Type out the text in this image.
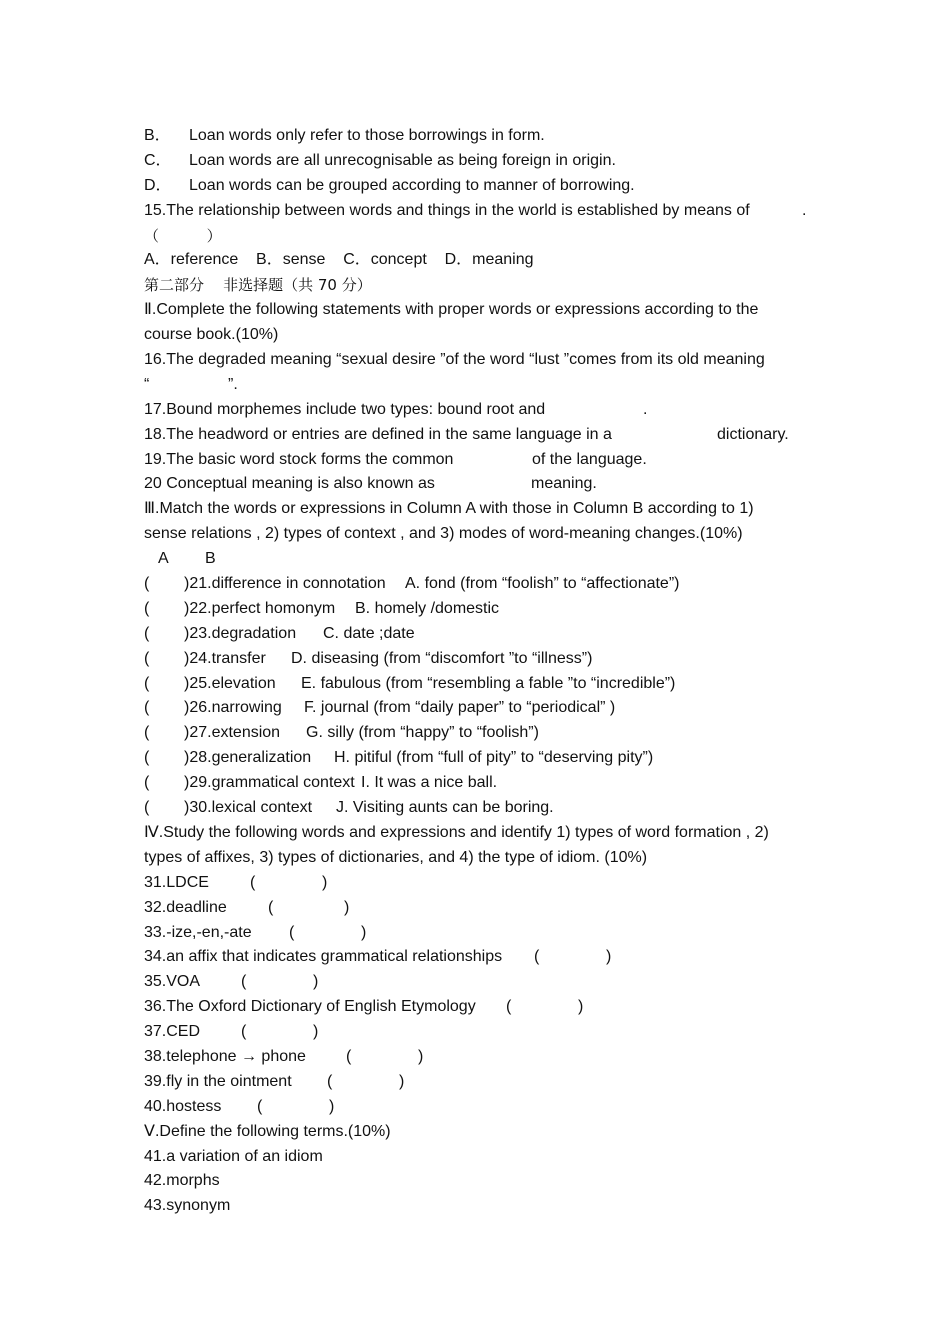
B．

Loan words only refer to those borrowings in form.

C．

Loan words are all unrecognisable as being foreign in origin.

D．

Loan words can be grouped according to manner of borrowing.

15.The relationship between words and things in the world is established by means of

	.

（          ）

A．reference    B．sense    C．concept    D．meaning

第二部分    非选择题（共 70 分）

Ⅱ.Complete the following statements with proper words or expressions according to the

course book.(10%)

16.The degraded meaning “sexual desire ”of the word “lust ”comes from its old meaning

“

	”.

17.Bound morphemes include two types: bound root and

	.

18.The headword or entries are defined in the same language in a

	dictionary.

19.The basic word stock forms the common

	of the language.

20 Conceptual meaning is also known as

	meaning.

Ⅲ.Match the words or expressions in Column A with those in Column B according to 1)

sense relations , 2) types of context , and 3) modes of word-meaning changes.(10%)

A

B

( )21.difference in connotation A. fond (from “foolish” to “affectionate”)
( )22.perfect homonym B. homely /domestic
( )23.degradation C. date ;date
( )24.transfer D. diseasing (from “discomfort ”to “illness”)
( )25.elevation E. fabulous (from “resembling a fable ”to “incredible”)
( )26.narrowing F. journal (from “daily paper” to “periodical” )
( )27.extension G. silly (from “happy” to “foolish”)
( )28.generalization H. pitiful (from “full of pity” to “deserving pity”)
( )29.grammatical context I. It was a nice ball.
( )30.lexical context J. Visiting aunts can be boring.

Ⅳ.Study the following words and expressions and identify 1) types of word formation , 2)

types of affixes, 3) types of dictionaries, and 4) the type of idiom. (10%)

31.LDCE	(	)
32.deadline	(	)
33.-ize,-en,-ate (	)
34.an affix that indicates grammatical relationships (	)
35.VOA	(	)
36.The Oxford Dictionary of English Etymology (	)
37.CED	(	)
38.telephone → phone	(	)
39.fly in the ointment (	)
40.hostess (	)

Ⅴ.Define the following terms.(10%)

41.a variation of an idiom
42.morphs
43.synonym
